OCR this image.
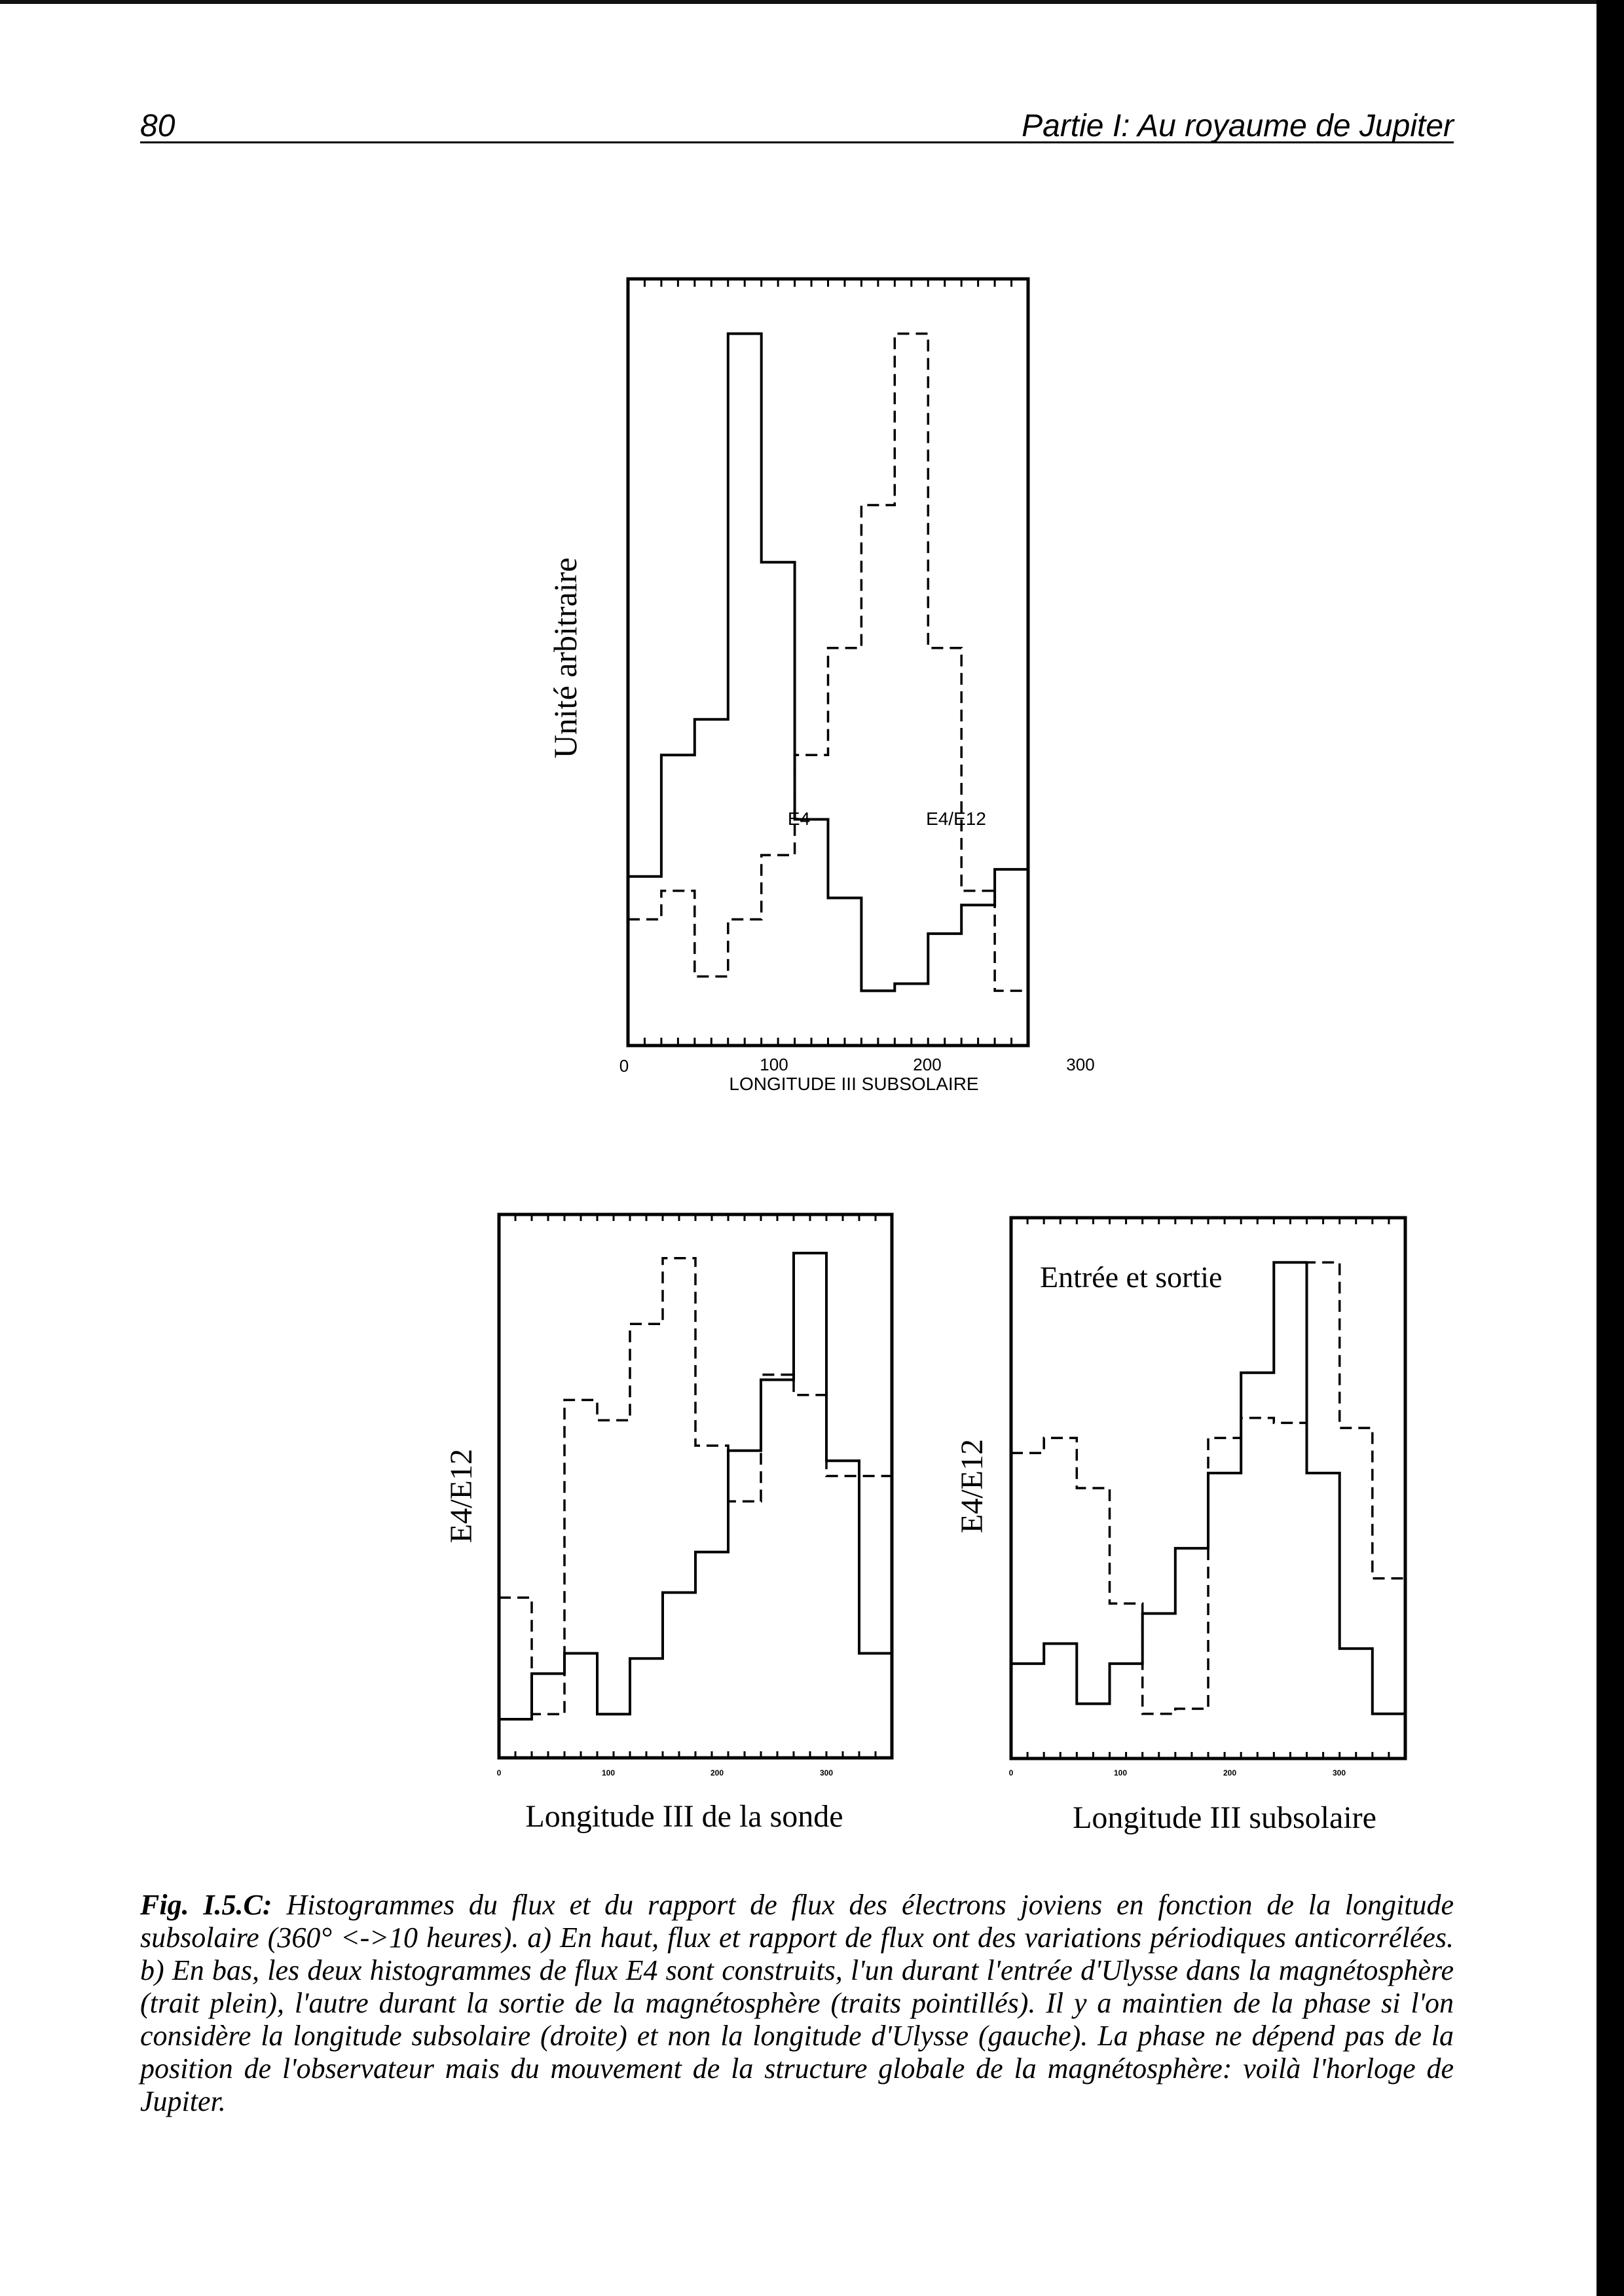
80	Partie I: Au royaume de Jupiter
Unité arbitraire
0	100	200	300
LONGITUDE III SUBSOLAIRE
E4	E4/E12
E4/E12
0	100	200	300
Longitude III de la sonde
E4/E12
Entrée et sortie
0	100	200	300
Longitude III subsolaire
Fig. I.5.C: Histogrammes du flux et du rapport de flux des électrons joviens en fonction de la longitude subsolaire (360° <->10 heures). a) En haut, flux et rapport de flux ont des variations périodiques anticorrélées. b) En bas, les deux histogrammes de flux E4 sont construits, l'un durant l'entrée d'Ulysse dans la magnétosphère (trait plein), l'autre durant la sortie de la magnétosphère (traits pointillés). Il y a maintien de la phase si l'on considère la longitude subsolaire (droite) et non la longitude d'Ulysse (gauche). La phase ne dépend pas de la position de l'observateur mais du mouvement de la structure globale de la magnétosphère: voilà l'horloge de Jupiter.
